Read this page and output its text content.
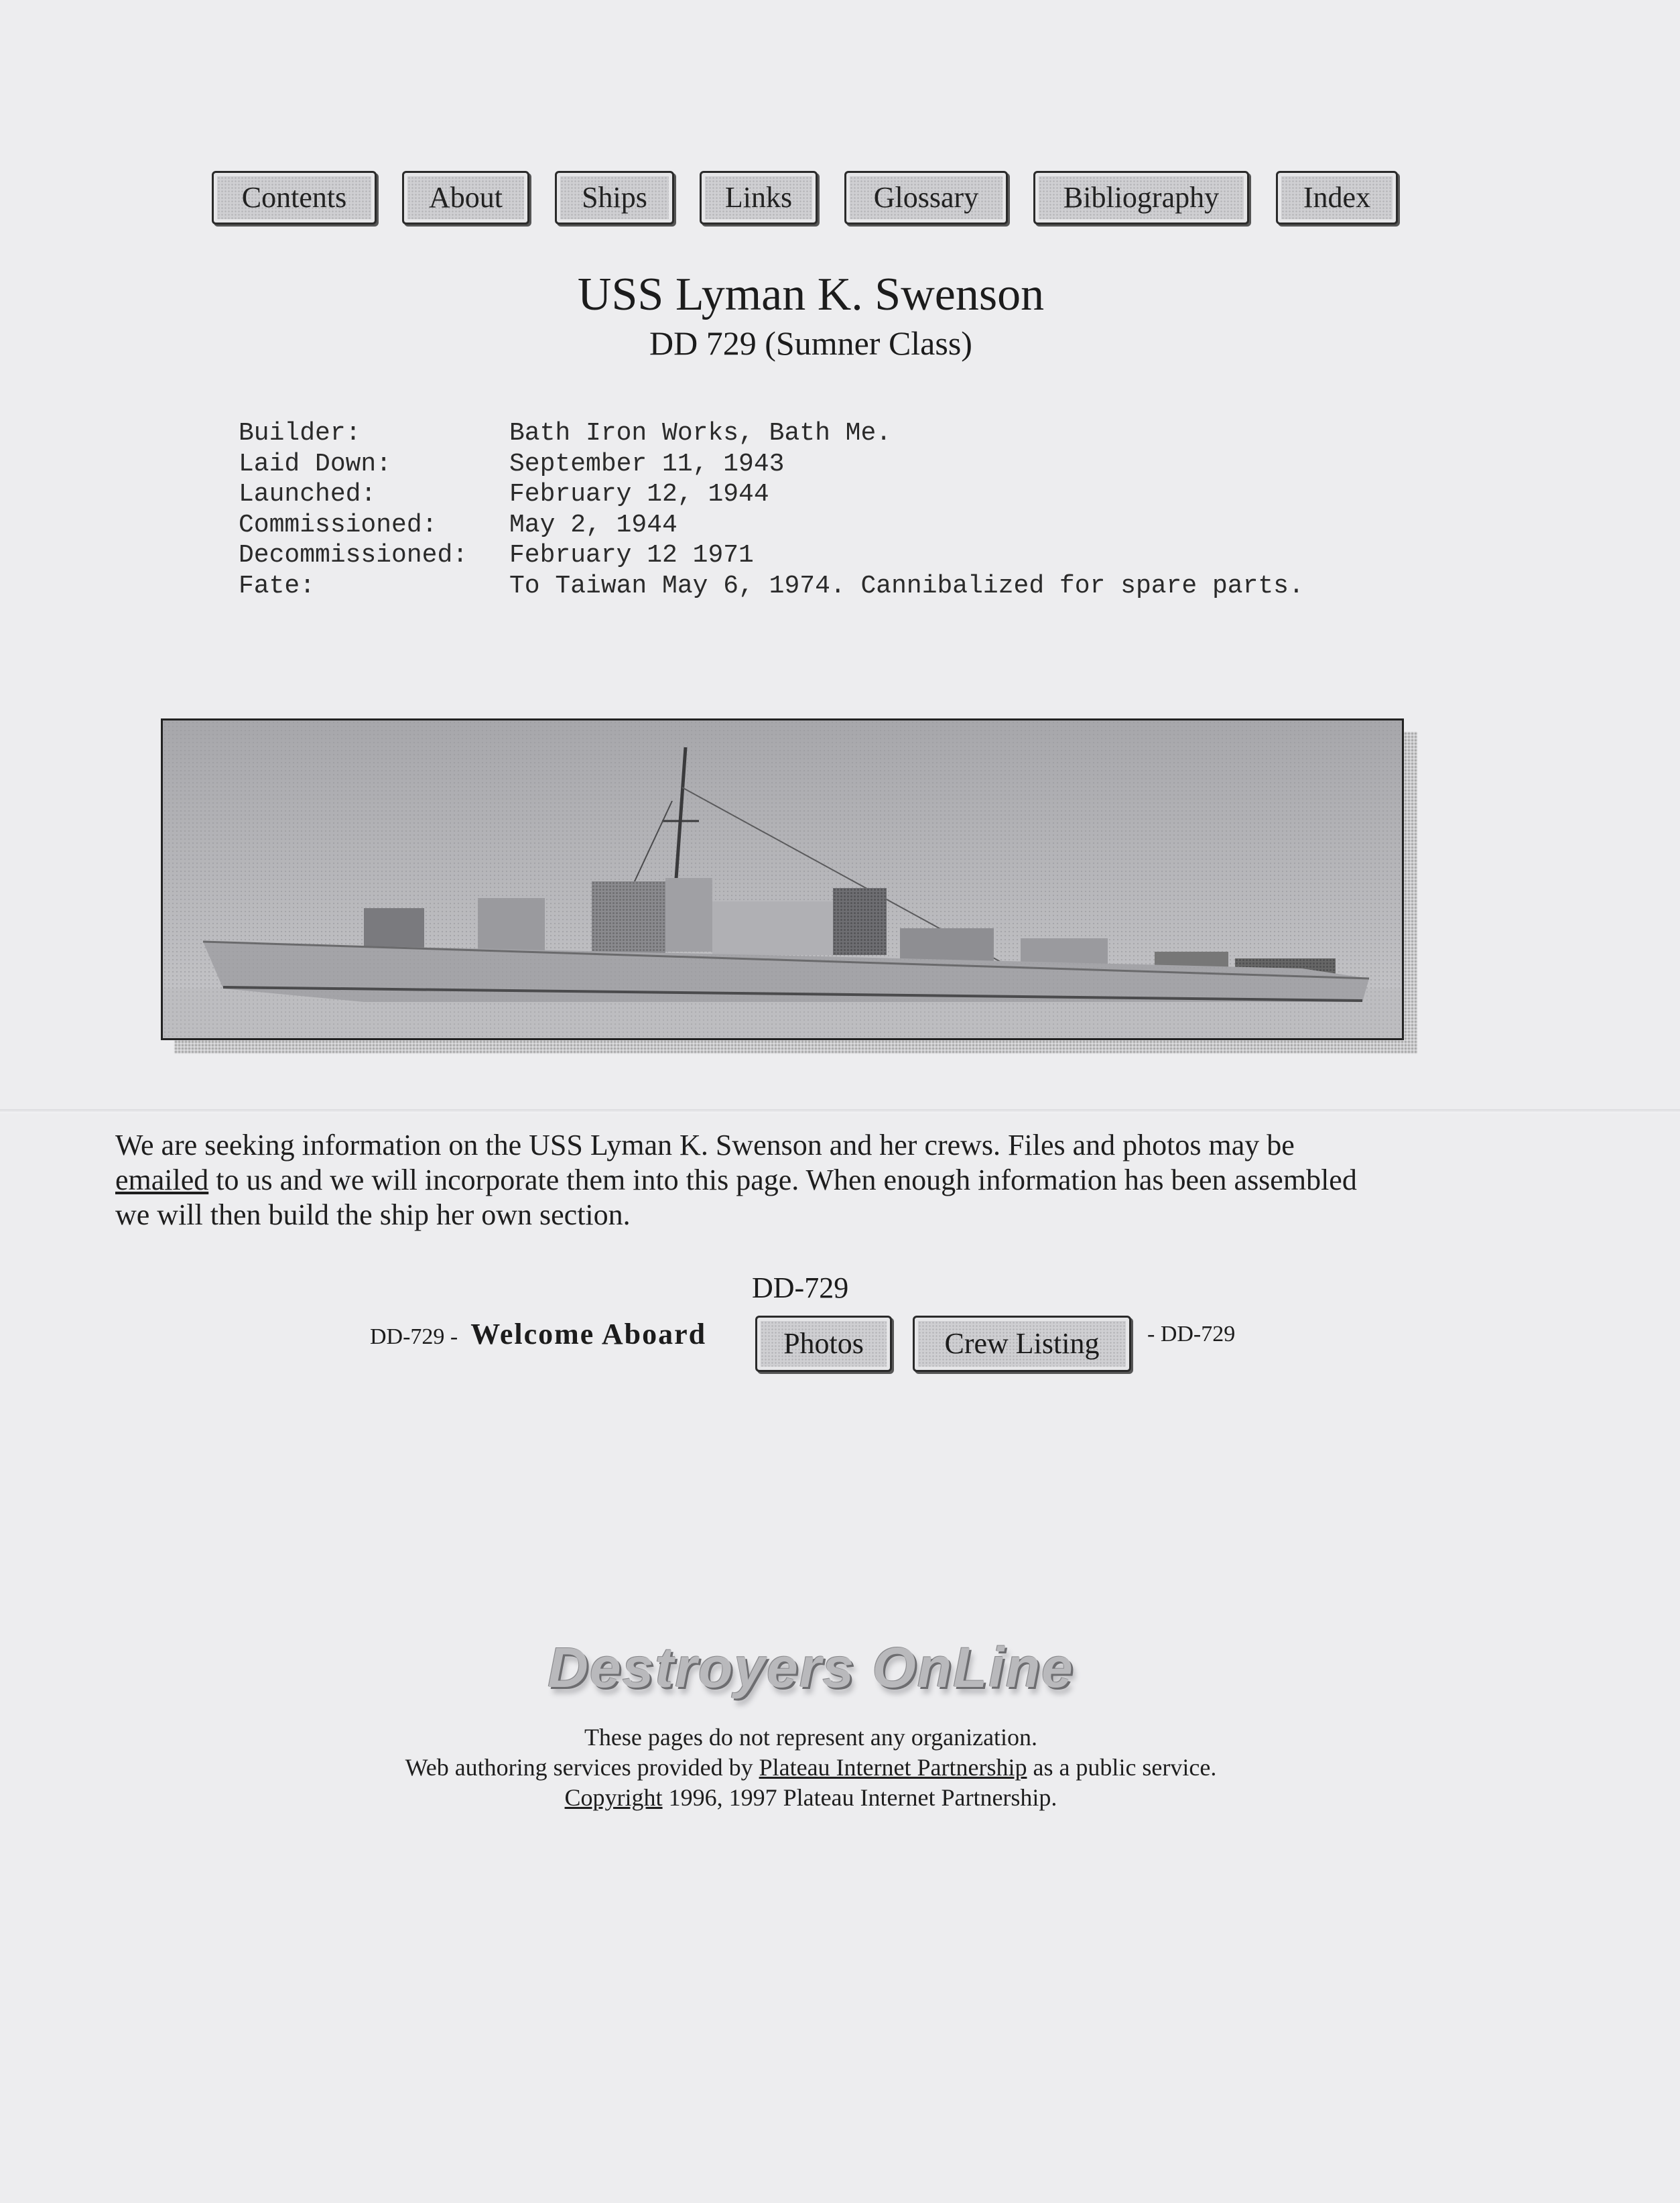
Contents	About	Ships	Links	Glossary	Bibliography	Index
USS Lyman K. Swenson
DD 729 (Sumner Class)
Builder:	Bath Iron Works, Bath Me.
Laid Down:	September 11, 1943
Launched:	February 12, 1944
Commissioned:	May 2, 1944
Decommissioned:	February 12 1971
Fate:	To Taiwan May 6, 1974. Cannibalized for spare parts.
We are seeking information on the USS Lyman K. Swenson and her crews. Files and photos may be
emailed to us and we will incorporate them into this page. When enough information has been assembled
we will then build the ship her own section.
DD-729
DD-729 - Welcome Aboard	Photos	Crew Listing	- DD-729
Destroyers OnLine
These pages do not represent any organization.
Web authoring services provided by Plateau Internet Partnership as a public service.
Copyright 1996, 1997 Plateau Internet Partnership.
